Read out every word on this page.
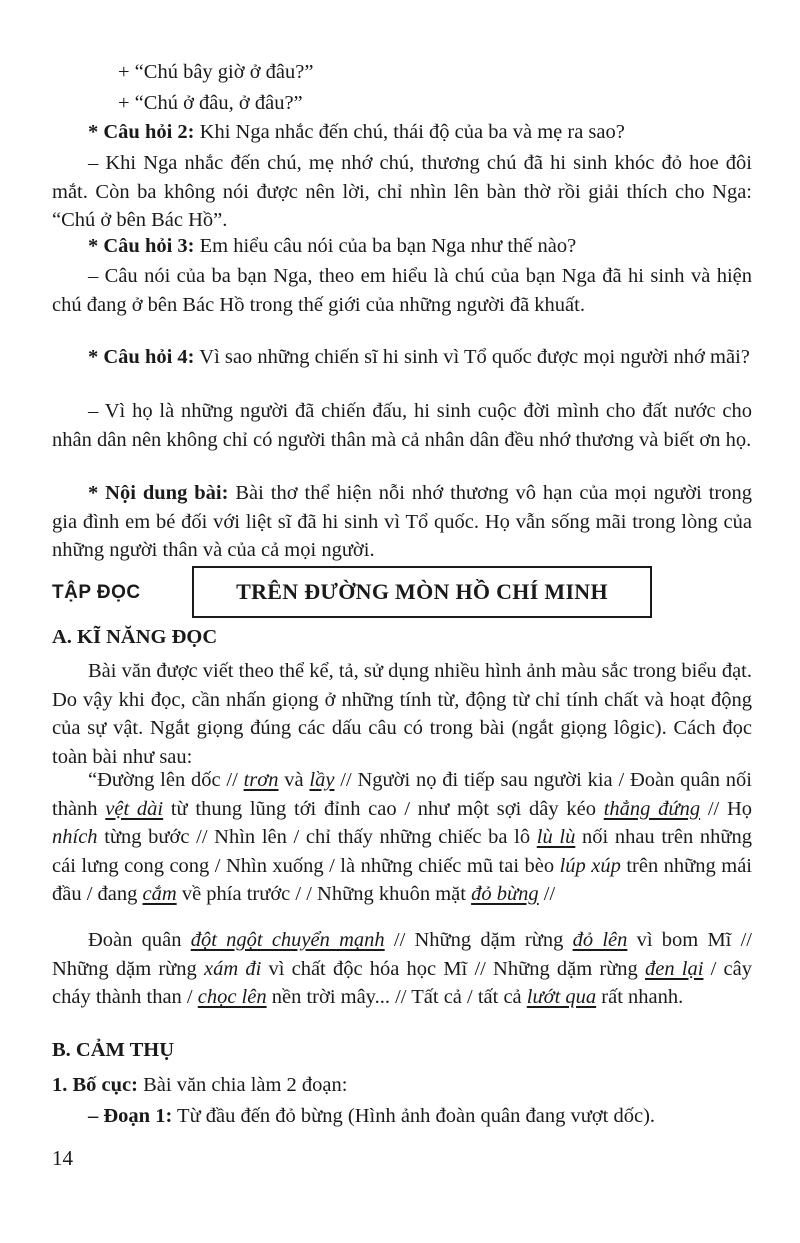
+ “Chú bây giờ ở đâu?”

+ “Chú ở đâu, ở đâu?”

* Câu hỏi 2: Khi Nga nhắc đến chú, thái độ của ba và mẹ ra sao?

– Khi Nga nhắc đến chú, mẹ nhớ chú, thương chú đã hi sinh khóc đỏ hoe đôi mắt. Còn ba không nói được nên lời, chỉ nhìn lên bàn thờ rồi giải thích cho Nga: “Chú ở bên Bác Hồ”.

* Câu hỏi 3: Em hiểu câu nói của ba bạn Nga như thế nào?

– Câu nói của ba bạn Nga, theo em hiểu là chú của bạn Nga đã hi sinh và hiện chú đang ở bên Bác Hồ trong thế giới của những người đã khuất.

* Câu hỏi 4: Vì sao những chiến sĩ hi sinh vì Tổ quốc được mọi người nhớ mãi?

– Vì họ là những người đã chiến đấu, hi sinh cuộc đời mình cho đất nước cho nhân dân nên không chỉ có người thân mà cả nhân dân đều nhớ thương và biết ơn họ.

* Nội dung bài: Bài thơ thể hiện nỗi nhớ thương vô hạn của mọi người trong gia đình em bé đối với liệt sĩ đã hi sinh vì Tổ quốc. Họ vẫn sống mãi trong lòng của những người thân và của cả mọi người.

TẬP ĐỌC	TRÊN ĐƯỜNG MÒN HỒ CHÍ MINH
A. KĨ NĂNG ĐỌC

Bài văn được viết theo thể kể, tả, sử dụng nhiều hình ảnh màu sắc trong biểu đạt. Do vậy khi đọc, cần nhấn giọng ở những tính từ, động từ chỉ tính chất và hoạt động của sự vật. Ngắt giọng đúng các dấu câu có trong bài (ngắt giọng lôgic). Cách đọc toàn bài như sau:

“Đường lên dốc // trơn và lầy // Người nọ đi tiếp sau người kia / Đoàn quân nối thành vệt dài từ thung lũng tới đỉnh cao / như một sợi dây kéo thẳng đứng // Họ nhích từng bước // Nhìn lên / chỉ thấy những chiếc ba lô lù lù nối nhau trên những cái lưng cong cong / Nhìn xuống / là những chiếc mũ tai bèo lúp xúp trên những mái đầu / đang cắm về phía trước / / Những khuôn mặt đỏ bừng //

Đoàn quân đột ngột chuyển mạnh // Những dặm rừng đỏ lên vì bom Mĩ // Những dặm rừng xám đi vì chất độc hóa học Mĩ // Những dặm rừng đen lại / cây cháy thành than / chọc lên nền trời mây... // Tất cả / tất cả lướt qua rất nhanh.

B. CẢM THỤ

1. Bố cục: Bài văn chia làm 2 đoạn:

– Đoạn 1: Từ đầu đến đỏ bừng (Hình ảnh đoàn quân đang vượt dốc).

14
